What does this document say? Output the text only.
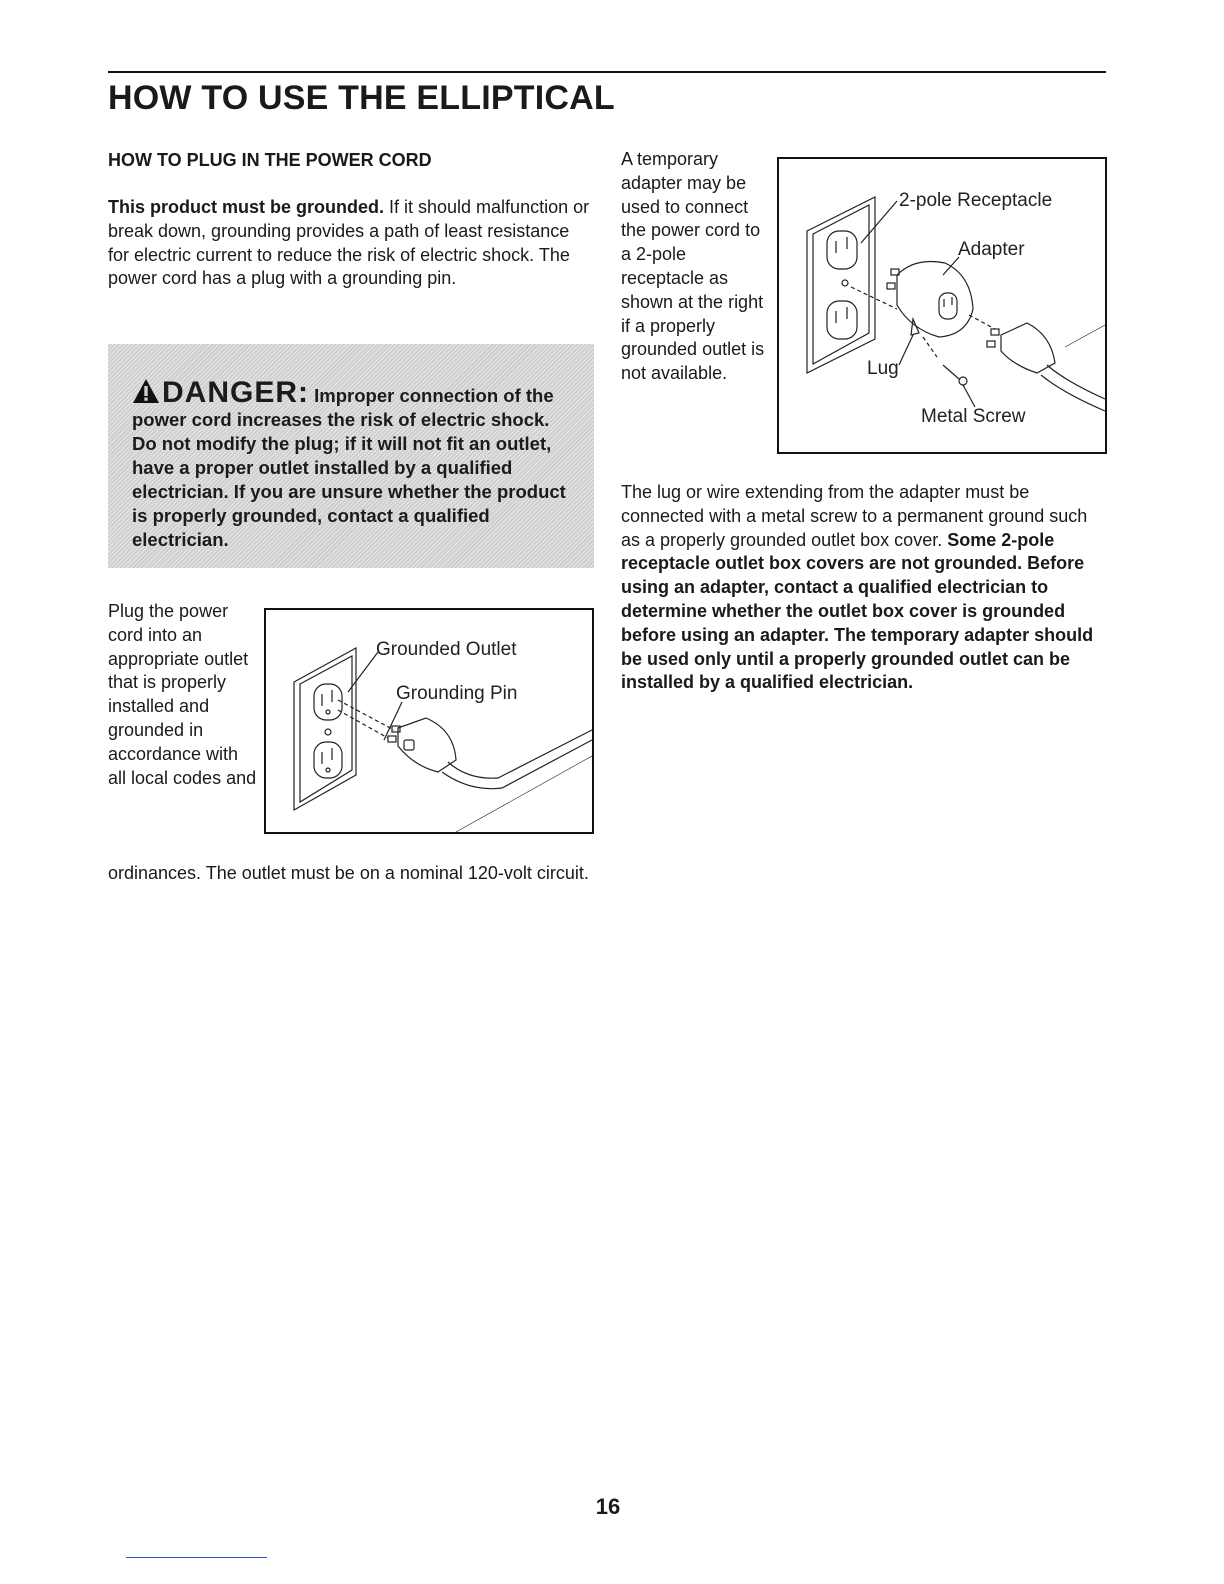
HOW TO USE THE ELLIPTICAL
HOW TO PLUG IN THE POWER CORD
This product must be grounded. If it should malfunction or break down, grounding provides a path of least resistance for electric current to reduce the risk of electric shock. The power cord has a plug with a grounding pin.
DANGER: Improper connection of the power cord increases the risk of electric shock. Do not modify the plug; if it will not fit an outlet, have a proper outlet installed by a qualified electrician. If you are unsure whether the product is properly grounded, contact a qualified electrician.
Plug the power cord into an appropriate outlet that is properly installed and grounded in accordance with all local codes and
ordinances. The outlet must be on a nominal 120-volt circuit.
Grounded Outlet
Grounding Pin
A temporary adapter may be used to connect the power cord to a 2-pole receptacle as shown at the right if a properly grounded outlet is not available.
2-pole Receptacle
Adapter
Lug
Metal Screw
The lug or wire extending from the adapter must be connected with a metal screw to a permanent ground such as a properly grounded outlet box cover. Some 2-pole receptacle outlet box covers are not grounded. Before using an adapter, contact a qualified electrician to determine whether the outlet box cover is grounded before using an adapter. The temporary adapter should be used only until a properly grounded outlet can be installed by a qualified electrician.
16
